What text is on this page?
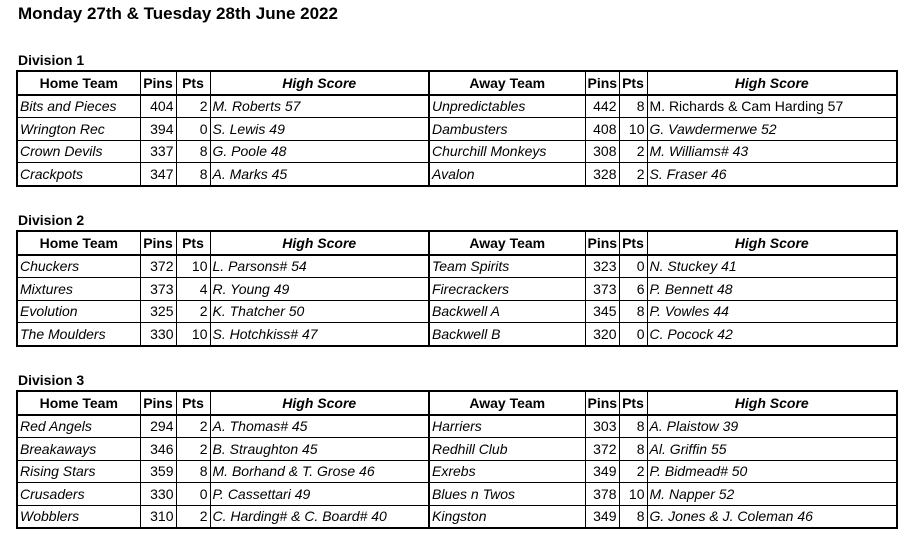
Monday 27th & Tuesday 28th June 2022
Division 1
Home Team	Pins	Pts	High Score	Away Team	Pins	Pts	High Score
Bits and Pieces	404	2	M. Roberts 57	Unpredictables	442	8	M. Richards & Cam Harding 57
Wrington Rec	394	0	S. Lewis 49	Dambusters	408	10	G. Vawdermerwe 52
Crown Devils	337	8	G. Poole 48	Churchill Monkeys	308	2	M. Williams# 43
Crackpots	347	8	A. Marks 45	Avalon	328	2	S. Fraser 46
Division 2
Home Team	Pins	Pts	High Score	Away Team	Pins	Pts	High Score
Chuckers	372	10	L. Parsons# 54	Team Spirits	323	0	N. Stuckey 41
Mixtures	373	4	R. Young 49	Firecrackers	373	6	P. Bennett 48
Evolution	325	2	K. Thatcher 50	Backwell A	345	8	P. Vowles 44
The Moulders	330	10	S. Hotchkiss# 47	Backwell B	320	0	C. Pocock 42
Division 3
Home Team	Pins	Pts	High Score	Away Team	Pins	Pts	High Score
Red Angels	294	2	A. Thomas# 45	Harriers	303	8	A. Plaistow 39
Breakaways	346	2	B. Straughton 45	Redhill Club	372	8	Al. Griffin 55
Rising Stars	359	8	M. Borhand & T. Grose 46	Exrebs	349	2	P. Bidmead# 50
Crusaders	330	0	P. Cassettari 49	Blues n Twos	378	10	M. Napper 52
Wobblers	310	2	C. Harding# & C. Board# 40	Kingston	349	8	G. Jones & J. Coleman 46
